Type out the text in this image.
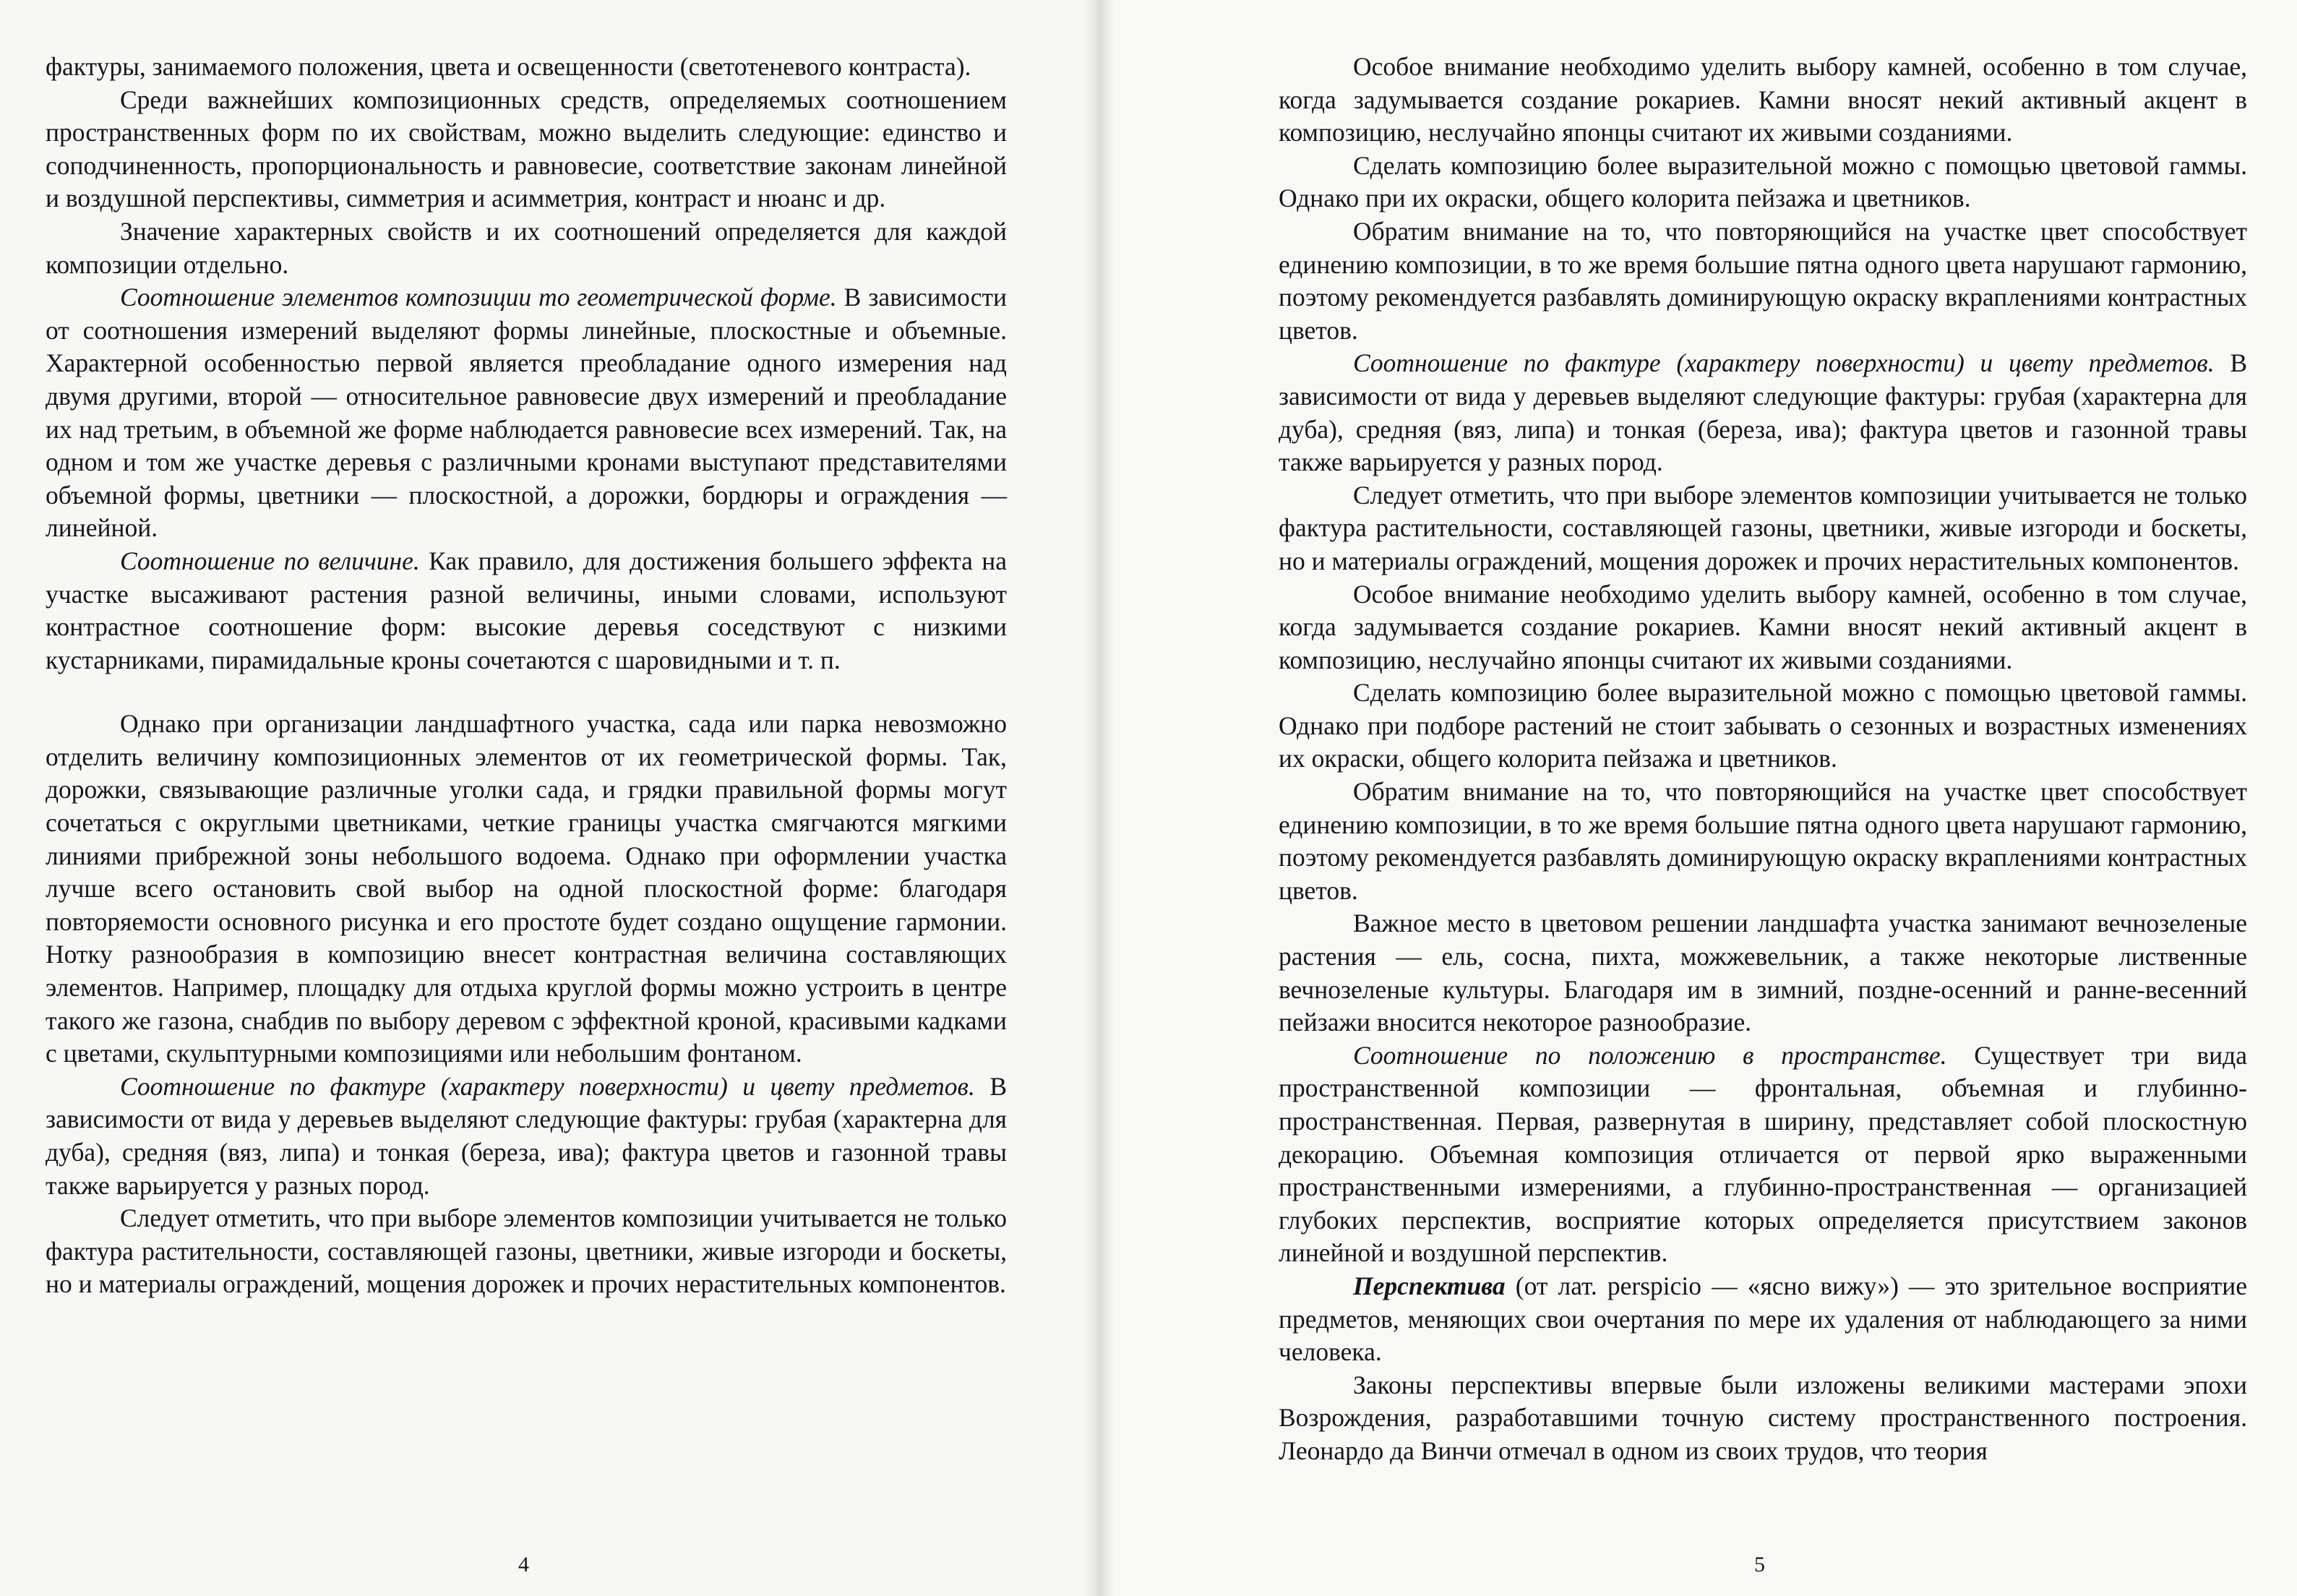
фактуры, занимаемого положения, цвета и освещенности (светотеневого контраста).

Среди важнейших композиционных средств, определяемых соотношением пространственных форм по их свойствам, можно выделить следующие: единство и соподчиненность, пропорциональность и равновесие, соответствие законам линейной и воздушной перспективы, симметрия и асимметрия, контраст и нюанс и др.

Значение характерных свойств и их соотношений определяется для каждой композиции отдельно.

Соотношение элементов композиции то геометрической форме. В зависимости от соотношения измерений выделяют формы линейные, плоскостные и объемные. Характерной особенностью первой является преобладание одного измерения над двумя другими, второй — относительное равновесие двух измерений и преобладание их над третьим, в объемной же форме наблюдается равновесие всех измерений. Так, на одном и том же участке деревья с различными кронами выступают представителями объемной формы, цветники — плоскостной, а дорожки, бордюры и ограждения — линейной.

Соотношение по величине. Как правило, для достижения большего эффекта на участке высаживают растения разной величины, иными словами, используют контрастное соотношение форм: высокие деревья соседствуют с низкими кустарниками, пирамидальные кроны сочетаются с шаровидными и т. п.

Однако при организации ландшафтного участка, сада или парка невозможно отделить величину композиционных элементов от их геометрической формы. Так, дорожки, связывающие различные уголки сада, и грядки правильной формы могут сочетаться с округлыми цветниками, четкие границы участка смягчаются мягкими линиями прибрежной зоны небольшого водоема. Однако при оформлении участка лучше всего остановить свой выбор на одной плоскостной форме: благодаря повторяемости основного рисунка и его простоте будет создано ощущение гармонии. Нотку разнообразия в композицию внесет контрастная величина составляющих элементов. Например, площадку для отдыха круглой формы можно устроить в центре такого же газона, снабдив по выбору деревом с эффектной кроной, красивыми кадками с цветами, скульптурными композициями или небольшим фонтаном.

Соотношение по фактуре (характеру поверхности) и цвету предметов. В зависимости от вида у деревьев выделяют следующие фактуры: грубая (характерна для дуба), средняя (вяз, липа) и тонкая (береза, ива); фактура цветов и газонной травы также варьируется у разных пород.

Следует отметить, что при выборе элементов композиции учитывается не только фактура растительности, составляющей газоны, цветники, живые изгороди и боскеты, но и материалы ограждений, мощения дорожек и прочих нерастительных компонентов.

4

Особое внимание необходимо уделить выбору камней, особенно в том случае, когда задумывается создание рокариев. Камни вносят некий активный акцент в композицию, неслучайно японцы считают их живыми созданиями.

Сделать композицию более выразительной можно с помощью цветовой гаммы. Однако при их окраски, общего колорита пейзажа и цветников.

Обратим внимание на то, что повторяющийся на участке цвет способствует единению композиции, в то же время большие пятна одного цвета нарушают гармонию, поэтому рекомендуется разбавлять доминирующую окраску вкраплениями контрастных цветов.

Соотношение по фактуре (характеру поверхности) и цвету предметов. В зависимости от вида у деревьев выделяют следующие фактуры: грубая (характерна для дуба), средняя (вяз, липа) и тонкая (береза, ива); фактура цветов и газонной травы также варьируется у разных пород.

Следует отметить, что при выборе элементов композиции учитывается не только фактура растительности, составляющей газоны, цветники, живые изгороди и боскеты, но и материалы ограждений, мощения дорожек и прочих нерастительных компонентов.

Особое внимание необходимо уделить выбору камней, особенно в том случае, когда задумывается создание рокариев. Камни вносят некий активный акцент в композицию, неслучайно японцы считают их живыми созданиями.

Сделать композицию более выразительной можно с помощью цветовой гаммы. Однако при подборе растений не стоит забывать о сезонных и возрастных изменениях их окраски, общего колорита пейзажа и цветников.

Обратим внимание на то, что повторяющийся на участке цвет способствует единению композиции, в то же время большие пятна одного цвета нарушают гармонию, поэтому рекомендуется разбавлять доминирующую окраску вкраплениями контрастных цветов.

Важное место в цветовом решении ландшафта участка занимают вечнозеленые растения — ель, сосна, пихта, можжевельник, а также некоторые лиственные вечнозеленые культуры. Благодаря им в зимний, поздне-осенний и ранне-весенний пейзажи вносится некоторое разнообразие.

Соотношение по положению в пространстве. Существует три вида пространственной композиции — фронтальная, объемная и глубинно-пространственная. Первая, развернутая в ширину, представляет собой плоскостную декорацию. Объемная композиция отличается от первой ярко выраженными пространственными измерениями, а глубинно-пространственная — организацией глубоких перспектив, восприятие которых определяется присутствием законов линейной и воздушной перспектив.

Перспектива (от лат. perspicio — «ясно вижу») — это зрительное восприятие предметов, меняющих свои очертания по мере их удаления от наблюдающего за ними человека.

Законы перспективы впервые были изложены великими мастерами эпохи Возрождения, разработавшими точную систему пространственного построения. Леонардо да Винчи отмечал в одном из своих трудов, что теория

5
